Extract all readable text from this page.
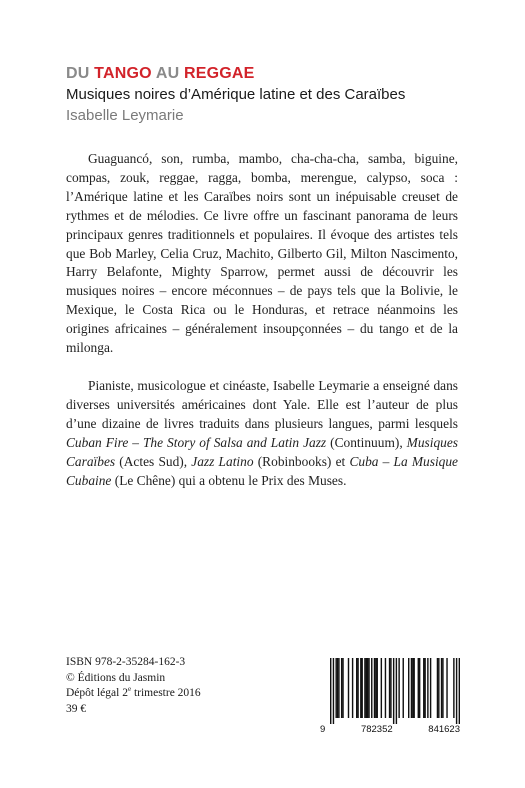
DU TANGO AU REGGAE
Musiques noires d’Amérique latine et des Caraïbes
Isabelle Leymarie

Guaguancó, son, rumba, mambo, cha-cha-cha, samba, biguine, compas, zouk, reggae, ragga, bomba, merengue, calypso, soca : l’Amérique latine et les Caraïbes noirs sont un inépuisable creuset de rythmes et de mélodies. Ce livre offre un fascinant panorama de leurs principaux genres traditionnels et populaires. Il évoque des artistes tels que Bob Marley, Celia Cruz, Machito, Gilberto Gil, Milton Nascimento, Harry Belafonte, Mighty Sparrow, permet aussi de découvrir les musiques noires – encore méconnues – de pays tels que la Bolivie, le Mexique, le Costa Rica ou le Honduras, et retrace néanmoins les origines africaines – généralement insoupçonnées – du tango et de la milonga.

Pianiste, musicologue et cinéaste, Isabelle Leymarie a enseigné dans diverses universités américaines dont Yale. Elle est l’auteur de plus d’une dizaine de livres traduits dans plusieurs langues, parmi lesquels Cuban Fire – The Story of Salsa and Latin Jazz (Continuum), Musiques Caraïbes (Actes Sud), Jazz Latino (Robinbooks) et Cuba – La Musique Cubaine (Le Chêne) qui a obtenu le Prix des Muses.

ISBN 978-2-35284-162-3
© Éditions du Jasmin
Dépôt légal 2e trimestre 2016
39 €
9	782352	841623
